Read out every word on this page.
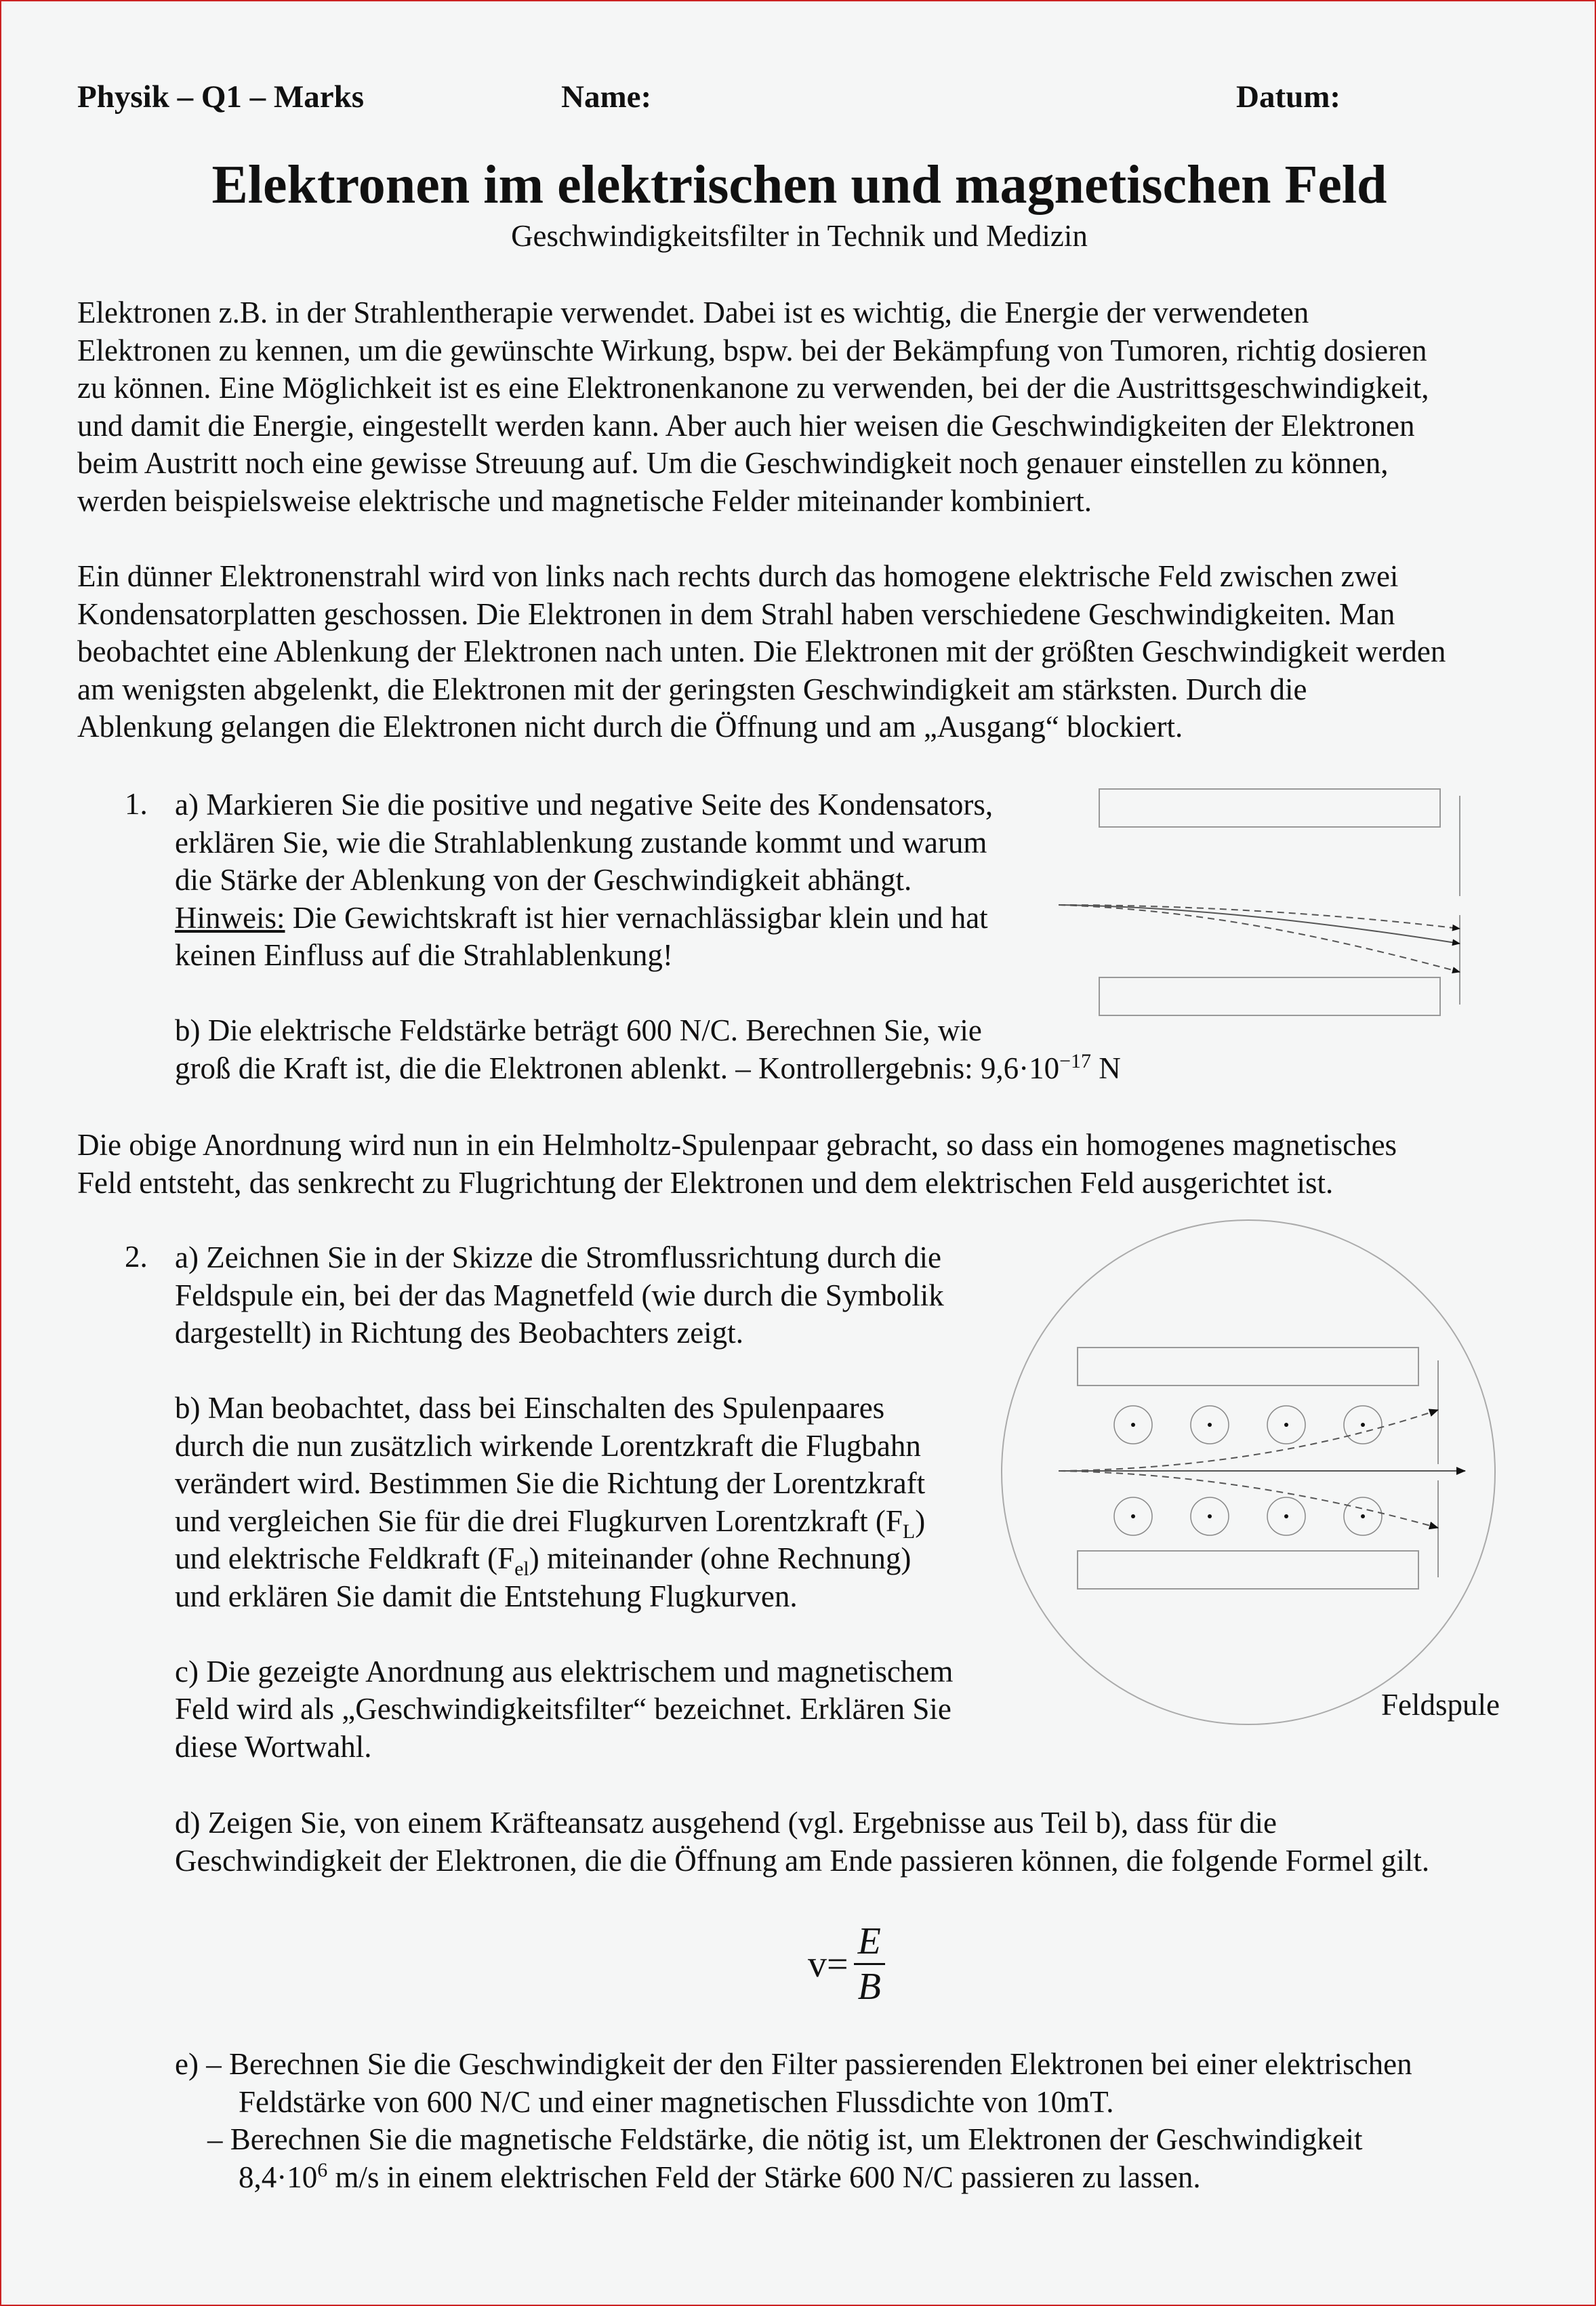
Physik – Q1 – Marks	Name:	Datum:
Elektronen im elektrischen und magnetischen Feld
Geschwindigkeitsfilter in Technik und Medizin

Elektronen z.B. in der Strahlentherapie verwendet. Dabei ist es wichtig, die Energie der verwendeten

Elektronen zu kennen, um die gewünschte Wirkung, bspw. bei der Bekämpfung von Tumoren, richtig dosieren

zu können. Eine Möglichkeit ist es eine Elektronenkanone zu verwenden, bei der die Austrittsgeschwindigkeit,

und damit die Energie, eingestellt werden kann. Aber auch hier weisen die Geschwindigkeiten der Elektronen

beim Austritt noch eine gewisse Streuung auf. Um die Geschwindigkeit noch genauer einstellen zu können,

werden beispielsweise elektrische und magnetische Felder miteinander kombiniert.

Ein dünner Elektronenstrahl wird von links nach rechts durch das homogene elektrische Feld zwischen zwei

Kondensatorplatten geschossen. Die Elektronen in dem Strahl haben verschiedene Geschwindigkeiten. Man

beobachtet eine Ablenkung der Elektronen nach unten. Die Elektronen mit der größten Geschwindigkeit werden

am wenigsten abgelenkt, die Elektronen mit der geringsten Geschwindigkeit am stärksten. Durch die

Ablenkung gelangen die Elektronen nicht durch die Öffnung und am „Ausgang“ blockiert.

1. a) Markieren Sie die positive und negative Seite des Kondensators,

erklären Sie, wie die Strahlablenkung zustande kommt und warum

die Stärke der Ablenkung von der Geschwindigkeit abhängt.

Hinweis: Die Gewichtskraft ist hier vernachlässigbar klein und hat

keinen Einfluss auf die Strahlablenkung!

b) Die elektrische Feldstärke beträgt 600 N/C. Berechnen Sie, wie

groß die Kraft ist, die die Elektronen ablenkt. – Kontrollergebnis: $9,6\cdot 10^{-17}$ N

Die obige Anordnung wird nun in ein Helmholtz-Spulenpaar gebracht, so dass ein homogenes magnetisches

Feld entsteht, das senkrecht zu Flugrichtung der Elektronen und dem elektrischen Feld ausgerichtet ist.

2. a) Zeichnen Sie in der Skizze die Stromflussrichtung durch die

Feldspule ein, bei der das Magnetfeld (wie durch die Symbolik

dargestellt) in Richtung des Beobachters zeigt.

b) Man beobachtet, dass bei Einschalten des Spulenpaares

durch die nun zusätzlich wirkende Lorentzkraft die Flugbahn

verändert wird. Bestimmen Sie die Richtung der Lorentzkraft

und vergleichen Sie für die drei Flugkurven Lorentzkraft $(F_L)$

und elektrische Feldkraft $(F_{el})$ miteinander (ohne Rechnung)

und erklären Sie damit die Entstehung Flugkurven.

c) Die gezeigte Anordnung aus elektrischem und magnetischem

Feld wird als „Geschwindigkeitsfilter“ bezeichnet. Erklären Sie

diese Wortwahl.

Feldspule

d) Zeigen Sie, von einem Kräfteansatz ausgehend (vgl. Ergebnisse aus Teil b), dass für die

Geschwindigkeit der Elektronen, die die Öffnung am Ende passieren können, die folgende Formel gilt.

$v= \frac{E}{B}$

e) – Berechnen Sie die Geschwindigkeit der den Filter passierenden Elektronen bei einer elektrischen

Feldstärke von 600 N/C und einer magnetischen Flussdichte von 10mT.

– Berechnen Sie die magnetische Feldstärke, die nötig ist, um Elektronen der Geschwindigkeit

$8,4\cdot 10^6$ m/s in einem elektrischen Feld der Stärke 600 N/C passieren zu lassen.
